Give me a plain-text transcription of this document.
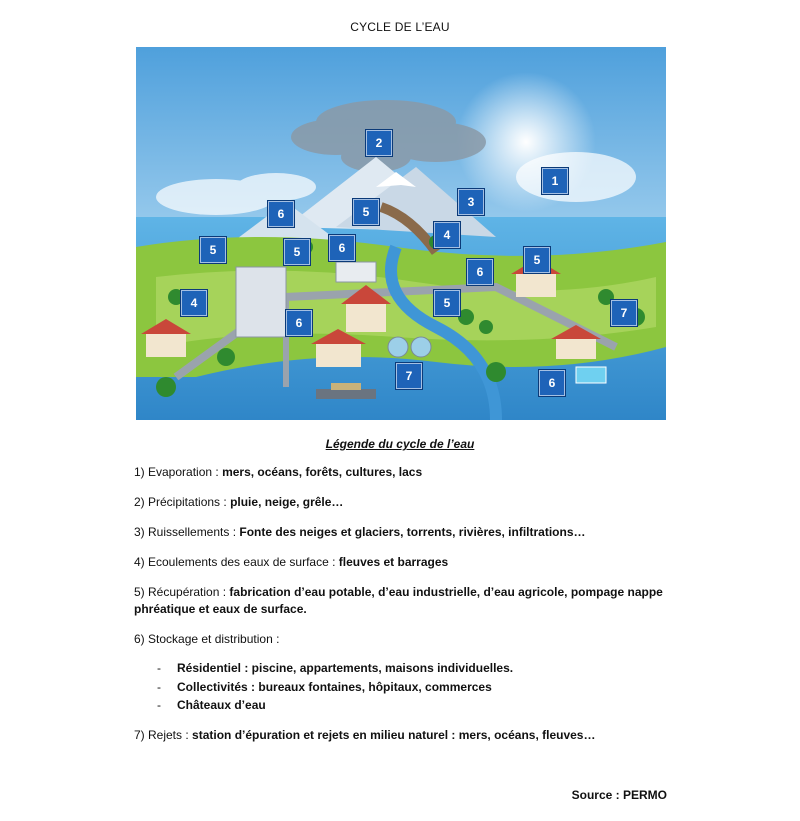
CYCLE DE L’EAU
1
2
3
4
4
5
5
5
5
5
6
6
6
6
6
7
7
Légende du cycle de l’eau
1) Evaporation : mers, océans, forêts, cultures, lacs
2) Précipitations : pluie, neige, grêle…
3) Ruissellements : Fonte des neiges et glaciers, torrents, rivières, infiltrations…
4) Ecoulements des eaux de surface : fleuves et barrages
5) Récupération : fabrication d’eau potable, d’eau industrielle, d’eau agricole, pompage nappe phréatique et eaux de surface.
6) Stockage et distribution :
- Résidentiel : piscine, appartements, maisons individuelles.
- Collectivités : bureaux fontaines, hôpitaux, commerces
- Châteaux d’eau
7) Rejets : station d’épuration et rejets en milieu naturel : mers, océans, fleuves…
Source : PERMO
